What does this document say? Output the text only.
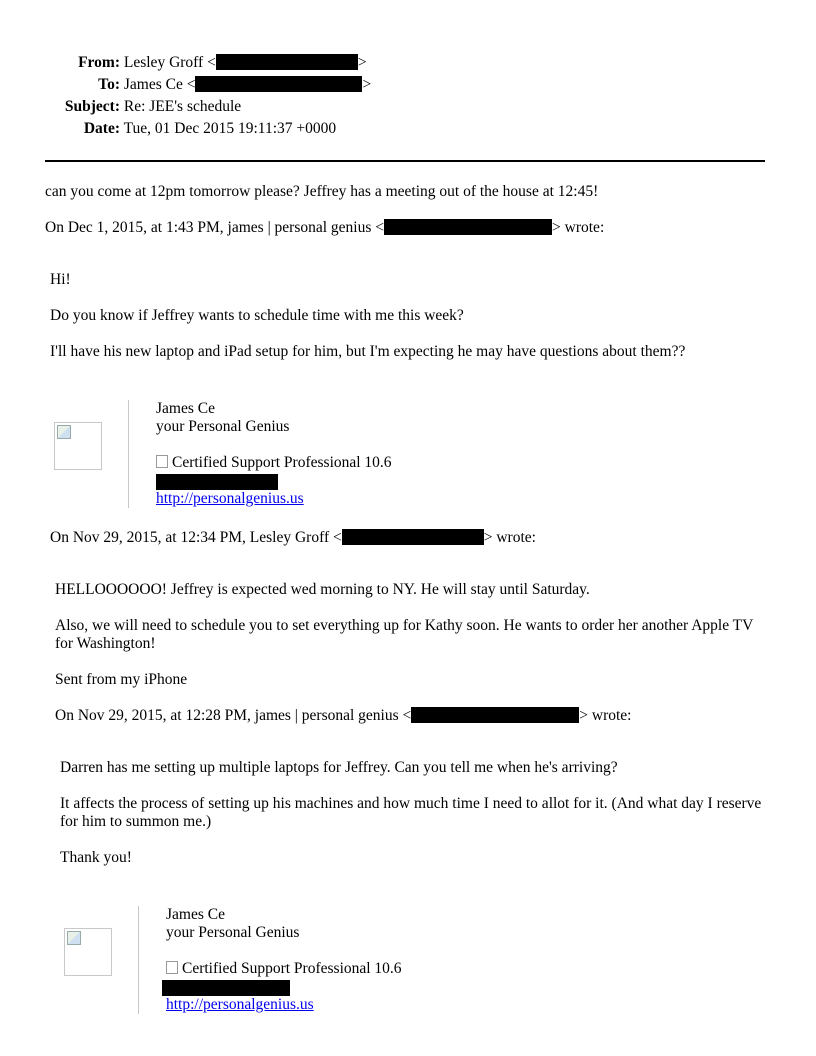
From: Lesley Groff <	>
To: James Ce <	>
Subject: Re: JEE's schedule
Date: Tue, 01 Dec 2015 19:11:37 +0000
can you come at 12pm tomorrow please? Jeffrey has a meeting out of the house at 12:45!
On Dec 1, 2015, at 1:43 PM, james | personal genius <	> wrote:
Hi!
Do you know if Jeffrey wants to schedule time with me this week?
I'll have his new laptop and iPad setup for him, but I'm expecting he may have questions about them??
James Ce
your Personal Genius
Certified Support Professional 10.6
http://personalgenius.us
On Nov 29, 2015, at 12:34 PM, Lesley Groff <	> wrote:
HELLOOOOOO! Jeffrey is expected wed morning to NY. He will stay until Saturday.
Also, we will need to schedule you to set everything up for Kathy soon. He wants to order her another Apple TV for Washington!
Sent from my iPhone
On Nov 29, 2015, at 12:28 PM, james | personal genius <	> wrote:
Darren has me setting up multiple laptops for Jeffrey. Can you tell me when he's arriving?
It affects the process of setting up his machines and how much time I need to allot for it. (And what day I reserve for him to summon me.)
Thank you!
James Ce
your Personal Genius
Certified Support Professional 10.6
http://personalgenius.us
